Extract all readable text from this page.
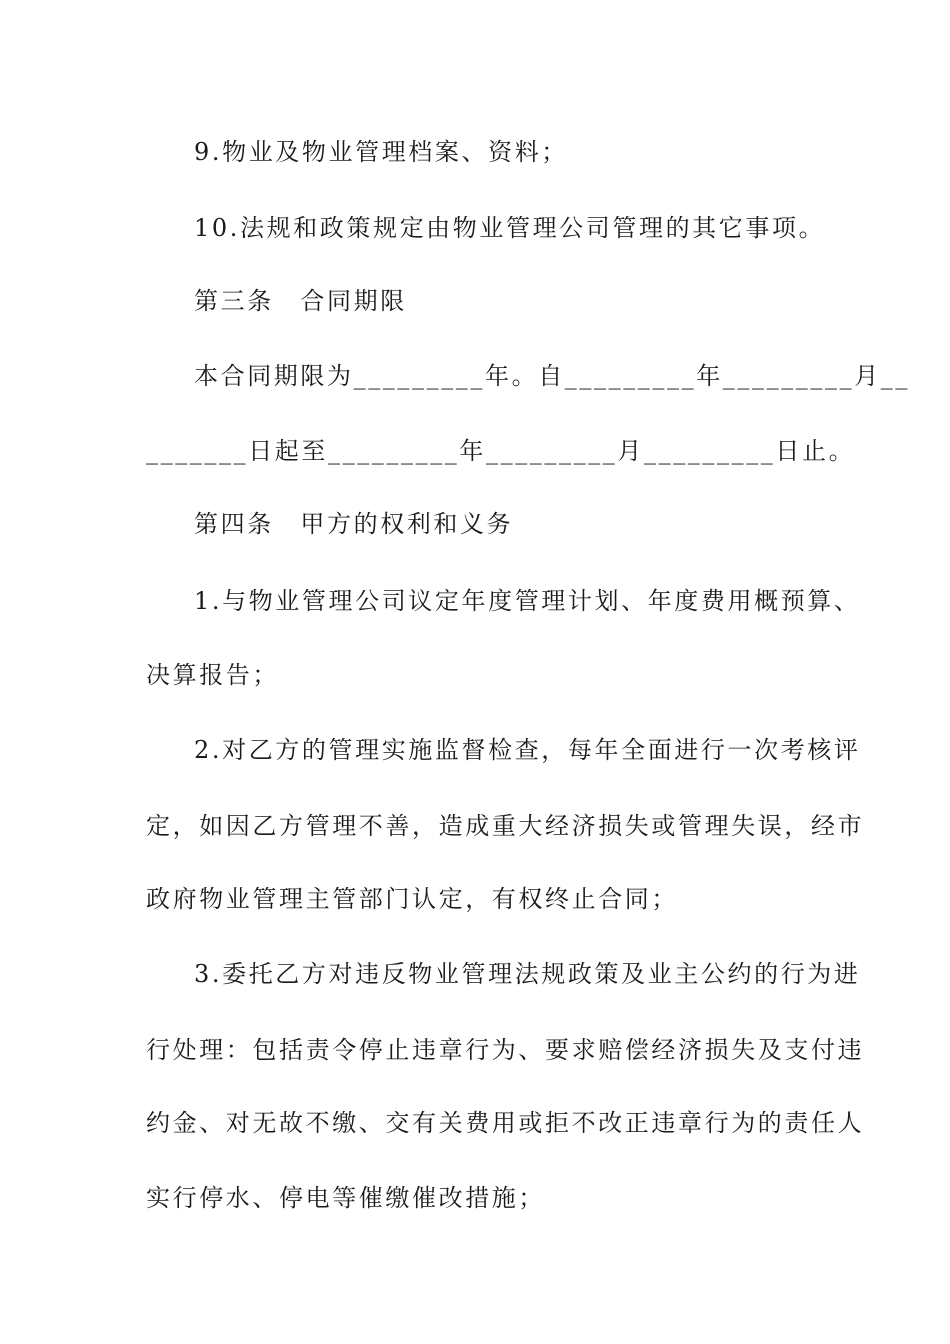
9.物业及物业管理档案、资料；
10.法规和政策规定由物业管理公司管理的其它事项。
第三条　合同期限
本合同期限为_________年。自_________年_________月__
_______日起至_________年_________月_________日止。
第四条　甲方的权利和义务
1.与物业管理公司议定年度管理计划、年度费用概预算、
决算报告；
2.对乙方的管理实施监督检查，每年全面进行一次考核评
定，如因乙方管理不善，造成重大经济损失或管理失误，经市
政府物业管理主管部门认定，有权终止合同；
3.委托乙方对违反物业管理法规政策及业主公约的行为进
行处理：包括责令停止违章行为、要求赔偿经济损失及支付违
约金、对无故不缴、交有关费用或拒不改正违章行为的责任人
实行停水、停电等催缴催改措施；
